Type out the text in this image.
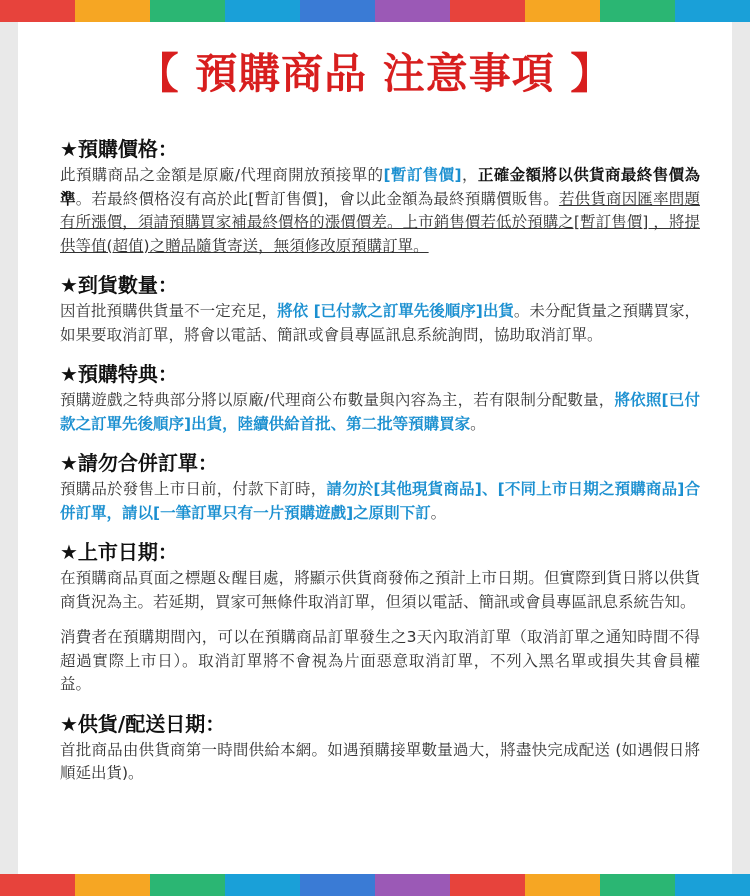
【 預購商品 注意事項 】
★預購價格：

此預購商品之金額是原廠/代理商開放預接單的[暫訂售價]，正確金額將以供貨商最終售價為準。若最終價格沒有高於此[暫訂售價]，會以此金額為最終預購價販售。若供貨商因匯率問題有所漲價，須請預購買家補最終價格的漲價價差。上市銷售價若低於預購之[暫訂售價] ，將提供等值(超值)之贈品隨貨寄送，無須修改原預購訂單。

★到貨數量：

因首批預購供貨量不一定充足，將依 [已付款之訂單先後順序]出貨。未分配貨量之預購買家，如果要取消訂單，將會以電話、簡訊或會員專區訊息系統詢問，協助取消訂單。

★預購特典：

預購遊戲之特典部分將以原廠/代理商公布數量與內容為主，若有限制分配數量，將依照[已付款之訂單先後順序]出貨，陸續供給首批、第二批等預購買家。

★請勿合併訂單：

預購品於發售上市日前，付款下訂時，請勿於[其他現貨商品]、[不同上市日期之預購商品]合併訂單，請以[一筆訂單只有一片預購遊戲]之原則下訂。

★上市日期：

在預購商品頁面之標題＆醒目處，將顯示供貨商發佈之預計上市日期。但實際到貨日將以供貨商貨況為主。若延期，買家可無條件取消訂單，但須以電話、簡訊或會員專區訊息系統告知。

消費者在預購期間內，可以在預購商品訂單發生之3天內取消訂單（取消訂單之通知時間不得超過實際上市日）。取消訂單將不會視為片面惡意取消訂單，不列入黑名單或損失其會員權益。

★供貨/配送日期：

首批商品由供貨商第一時間供給本網。如遇預購接單數量過大，將盡快完成配送 (如遇假日將順延出貨)。
